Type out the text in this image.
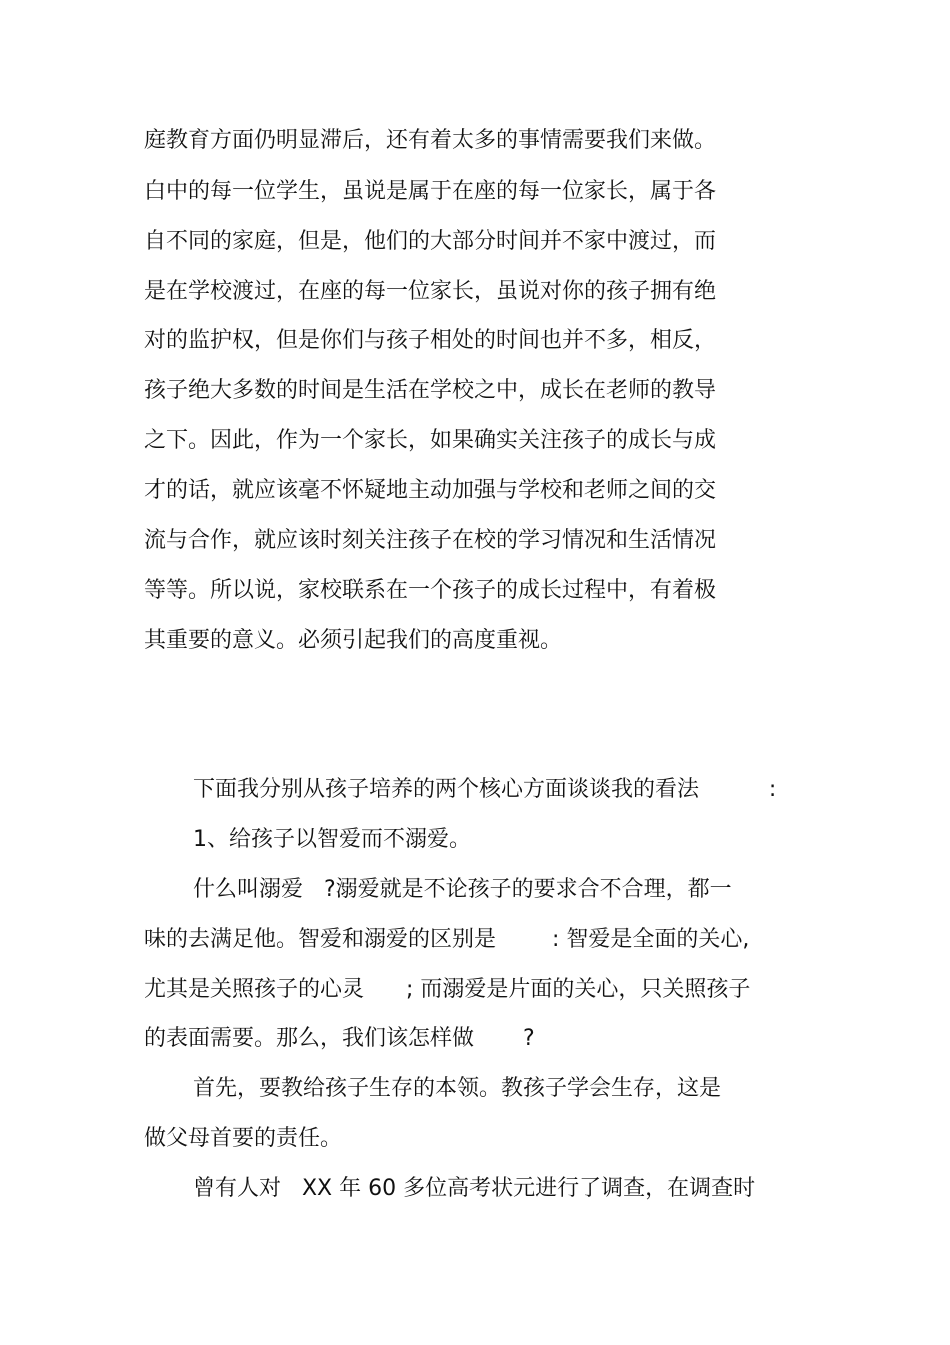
庭教育方面仍明显滞后，还有着太多的事情需要我们来做。
白中的每一位学生，虽说是属于在座的每一位家长，属于各
自不同的家庭，但是，他们的大部分时间并不家中渡过，而
是在学校渡过，在座的每一位家长，虽说对你的孩子拥有绝
对的监护权，但是你们与孩子相处的时间也并不多，相反，
孩子绝大多数的时间是生活在学校之中，成长在老师的教导
之下。因此，作为一个家长，如果确实关注孩子的成长与成
才的话，就应该毫不怀疑地主动加强与学校和老师之间的交
流与合作，就应该时刻关注孩子在校的学习情况和生活情况
等等。所以说，家校联系在一个孩子的成长过程中，有着极
其重要的意义。必须引起我们的高度重视。
下面我分别从孩子培养的两个核心方面谈谈我的看法          :
1、给孩子以智爱而不溺爱。
什么叫溺爱   ?溺爱就是不论孩子的要求合不合理，都一
味的去满足他。智爱和溺爱的区别是        : 智爱是全面的关心,
尤其是关照孩子的心灵      ; 而溺爱是片面的关心，只关照孩子
的表面需要。那么，我们该怎样做       ?
首先，要教给孩子生存的本领。教孩子学会生存，这是
做父母首要的责任。
曾有人对   XX 年 60 多位高考状元进行了调查，在调查时
